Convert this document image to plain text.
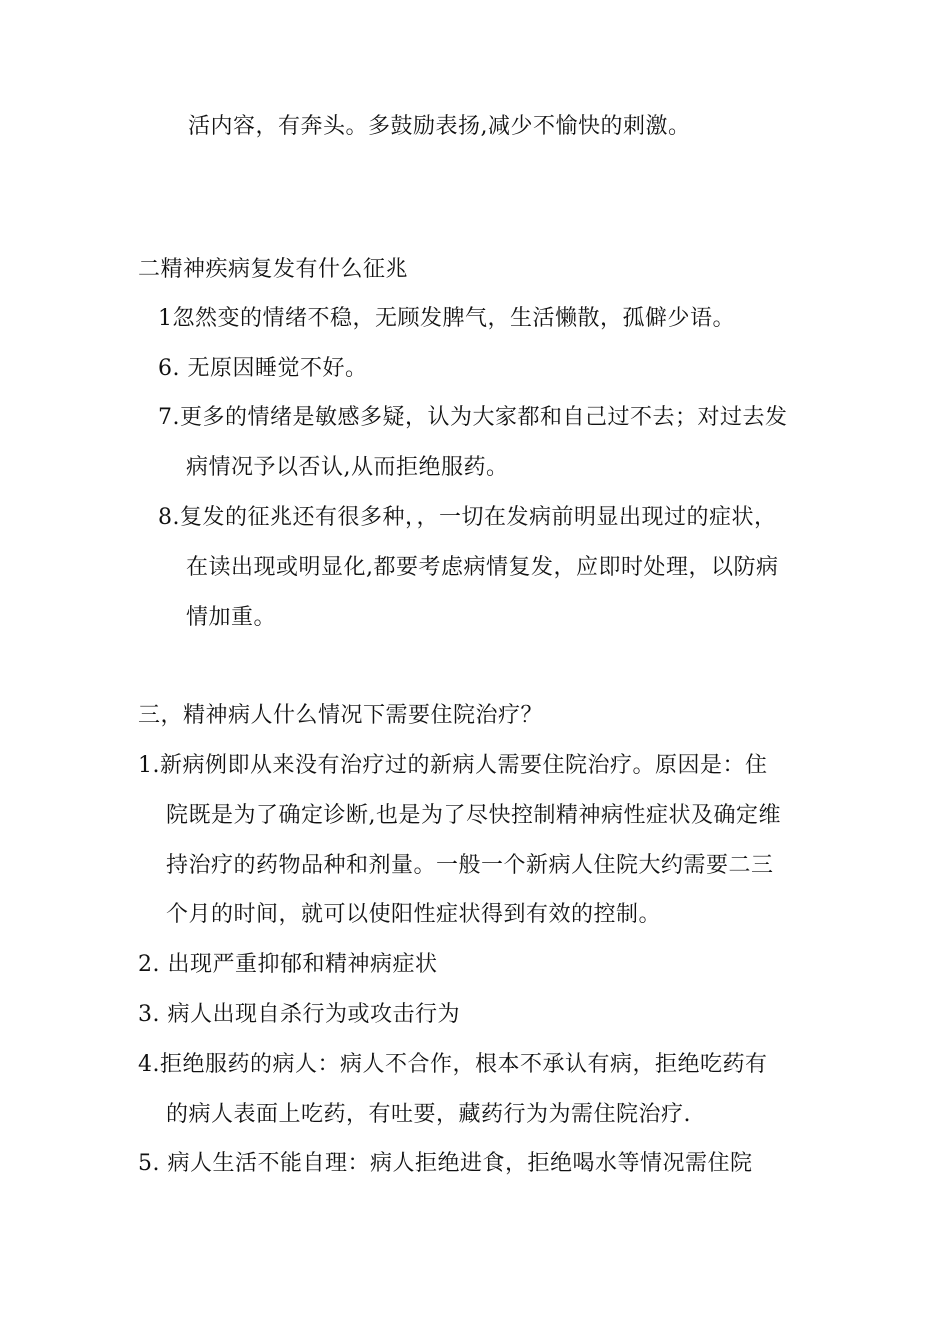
活内容，有奔头。多鼓励表扬,减少不愉快的刺激。
二精神疾病复发有什么征兆
1忽然变的情绪不稳，无顾发脾气，生活懒散，孤僻少语。
6. 无原因睡觉不好。
7.更多的情绪是敏感多疑，认为大家都和自己过不去；对过去发
病情况予以否认,从而拒绝服药。
8.复发的征兆还有很多种，，一切在发病前明显出现过的症状，
在读出现或明显化,都要考虑病情复发，应即时处理，以防病
情加重。
三，精神病人什么情况下需要住院治疗？
1.新病例即从来没有治疗过的新病人需要住院治疗。原因是：住
院既是为了确定诊断,也是为了尽快控制精神病性症状及确定维
持治疗的药物品种和剂量。一般一个新病人住院大约需要二三
个月的时间，就可以使阳性症状得到有效的控制。
2. 出现严重抑郁和精神病症状
3. 病人出现自杀行为或攻击行为
4.拒绝服药的病人：病人不合作，根本不承认有病，拒绝吃药有
的病人表面上吃药，有吐要，藏药行为为需住院治疗.
5. 病人生活不能自理：病人拒绝进食，拒绝喝水等情况需住院
